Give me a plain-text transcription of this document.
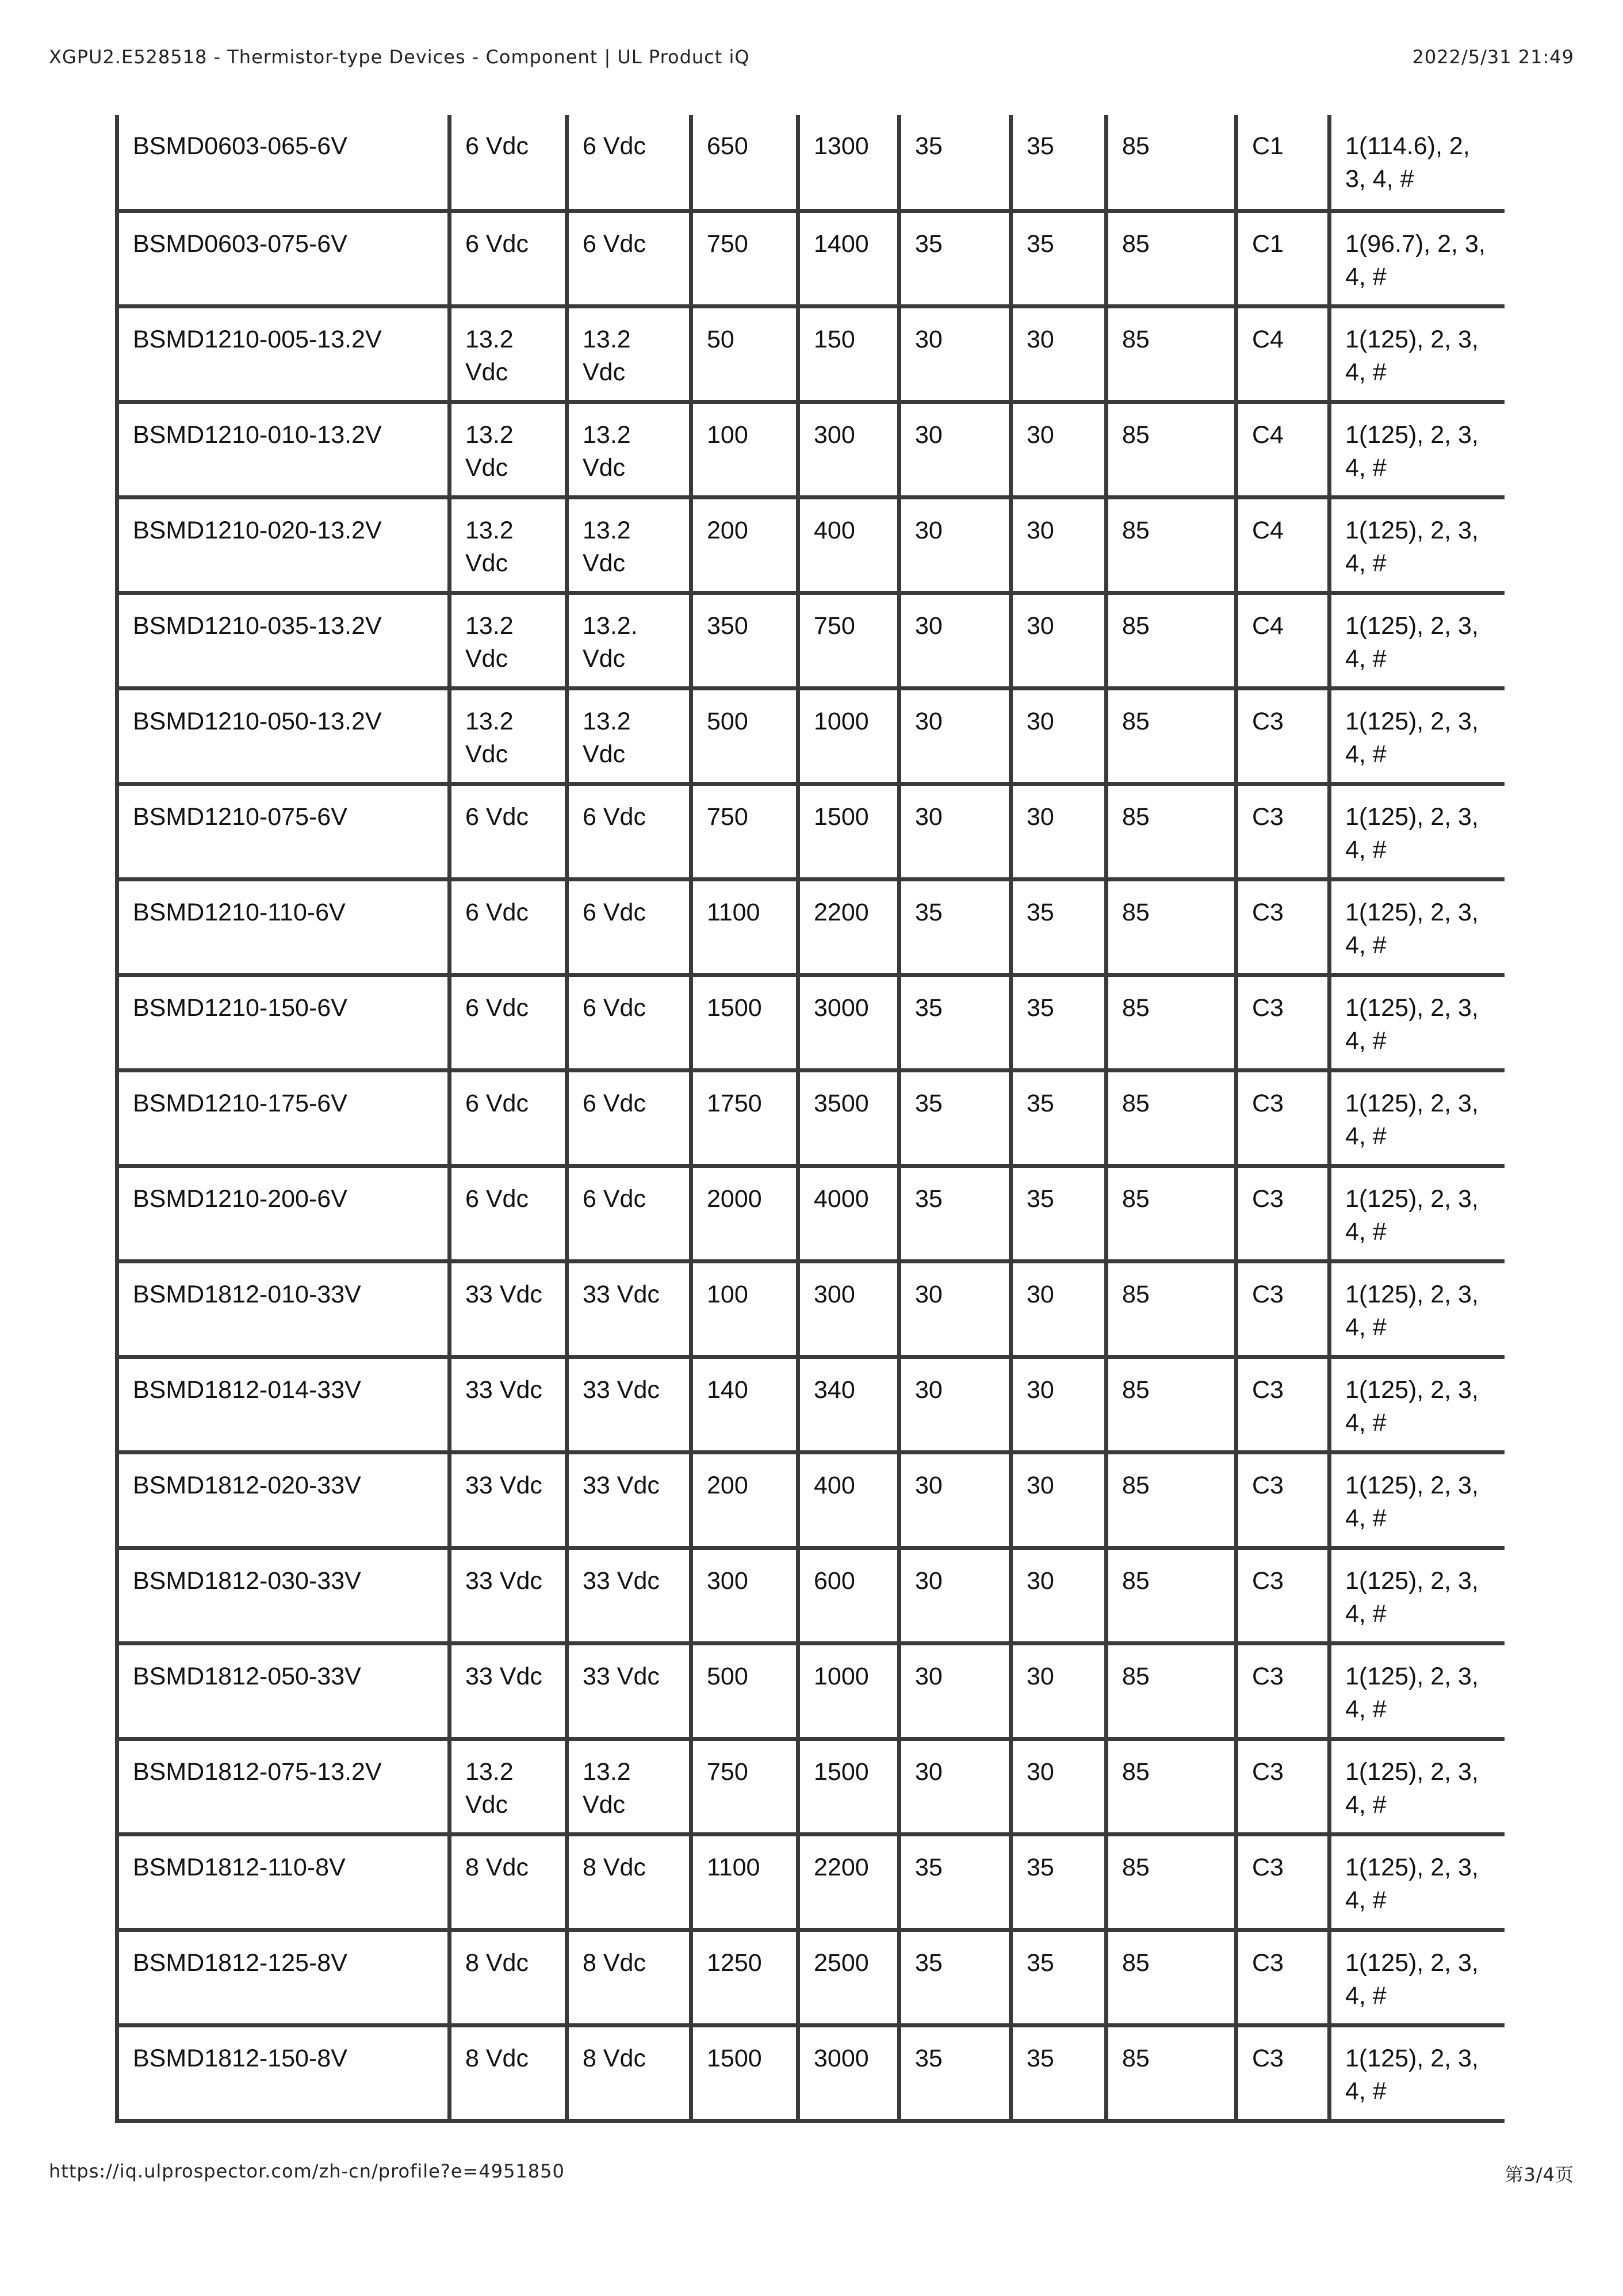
XGPU2.E528518 - Thermistor-type Devices - Component | UL Product iQ	2022/5/31 21:49
BSMD0603-065-6V	6 Vdc	6 Vdc	650	1300	35	35	85	C1	1(114.6), 2, 3, 4, #
BSMD0603-075-6V	6 Vdc	6 Vdc	750	1400	35	35	85	C1	1(96.7), 2, 3, 4, #
BSMD1210-005-13.2V	13.2 Vdc	13.2 Vdc	50	150	30	30	85	C4	1(125), 2, 3, 4, #
BSMD1210-010-13.2V	13.2 Vdc	13.2 Vdc	100	300	30	30	85	C4	1(125), 2, 3, 4, #
BSMD1210-020-13.2V	13.2 Vdc	13.2 Vdc	200	400	30	30	85	C4	1(125), 2, 3, 4, #
BSMD1210-035-13.2V	13.2 Vdc	13.2. Vdc	350	750	30	30	85	C4	1(125), 2, 3, 4, #
BSMD1210-050-13.2V	13.2 Vdc	13.2 Vdc	500	1000	30	30	85	C3	1(125), 2, 3, 4, #
BSMD1210-075-6V	6 Vdc	6 Vdc	750	1500	30	30	85	C3	1(125), 2, 3, 4, #
BSMD1210-110-6V	6 Vdc	6 Vdc	1100	2200	35	35	85	C3	1(125), 2, 3, 4, #
BSMD1210-150-6V	6 Vdc	6 Vdc	1500	3000	35	35	85	C3	1(125), 2, 3, 4, #
BSMD1210-175-6V	6 Vdc	6 Vdc	1750	3500	35	35	85	C3	1(125), 2, 3, 4, #
BSMD1210-200-6V	6 Vdc	6 Vdc	2000	4000	35	35	85	C3	1(125), 2, 3, 4, #
BSMD1812-010-33V	33 Vdc	33 Vdc	100	300	30	30	85	C3	1(125), 2, 3, 4, #
BSMD1812-014-33V	33 Vdc	33 Vdc	140	340	30	30	85	C3	1(125), 2, 3, 4, #
BSMD1812-020-33V	33 Vdc	33 Vdc	200	400	30	30	85	C3	1(125), 2, 3, 4, #
BSMD1812-030-33V	33 Vdc	33 Vdc	300	600	30	30	85	C3	1(125), 2, 3, 4, #
BSMD1812-050-33V	33 Vdc	33 Vdc	500	1000	30	30	85	C3	1(125), 2, 3, 4, #
BSMD1812-075-13.2V	13.2 Vdc	13.2 Vdc	750	1500	30	30	85	C3	1(125), 2, 3, 4, #
BSMD1812-110-8V	8 Vdc	8 Vdc	1100	2200	35	35	85	C3	1(125), 2, 3, 4, #
BSMD1812-125-8V	8 Vdc	8 Vdc	1250	2500	35	35	85	C3	1(125), 2, 3, 4, #
BSMD1812-150-8V	8 Vdc	8 Vdc	1500	3000	35	35	85	C3	1(125), 2, 3, 4, #
https://iq.ulprospector.com/zh-cn/profile?e=4951850	第3/4页
